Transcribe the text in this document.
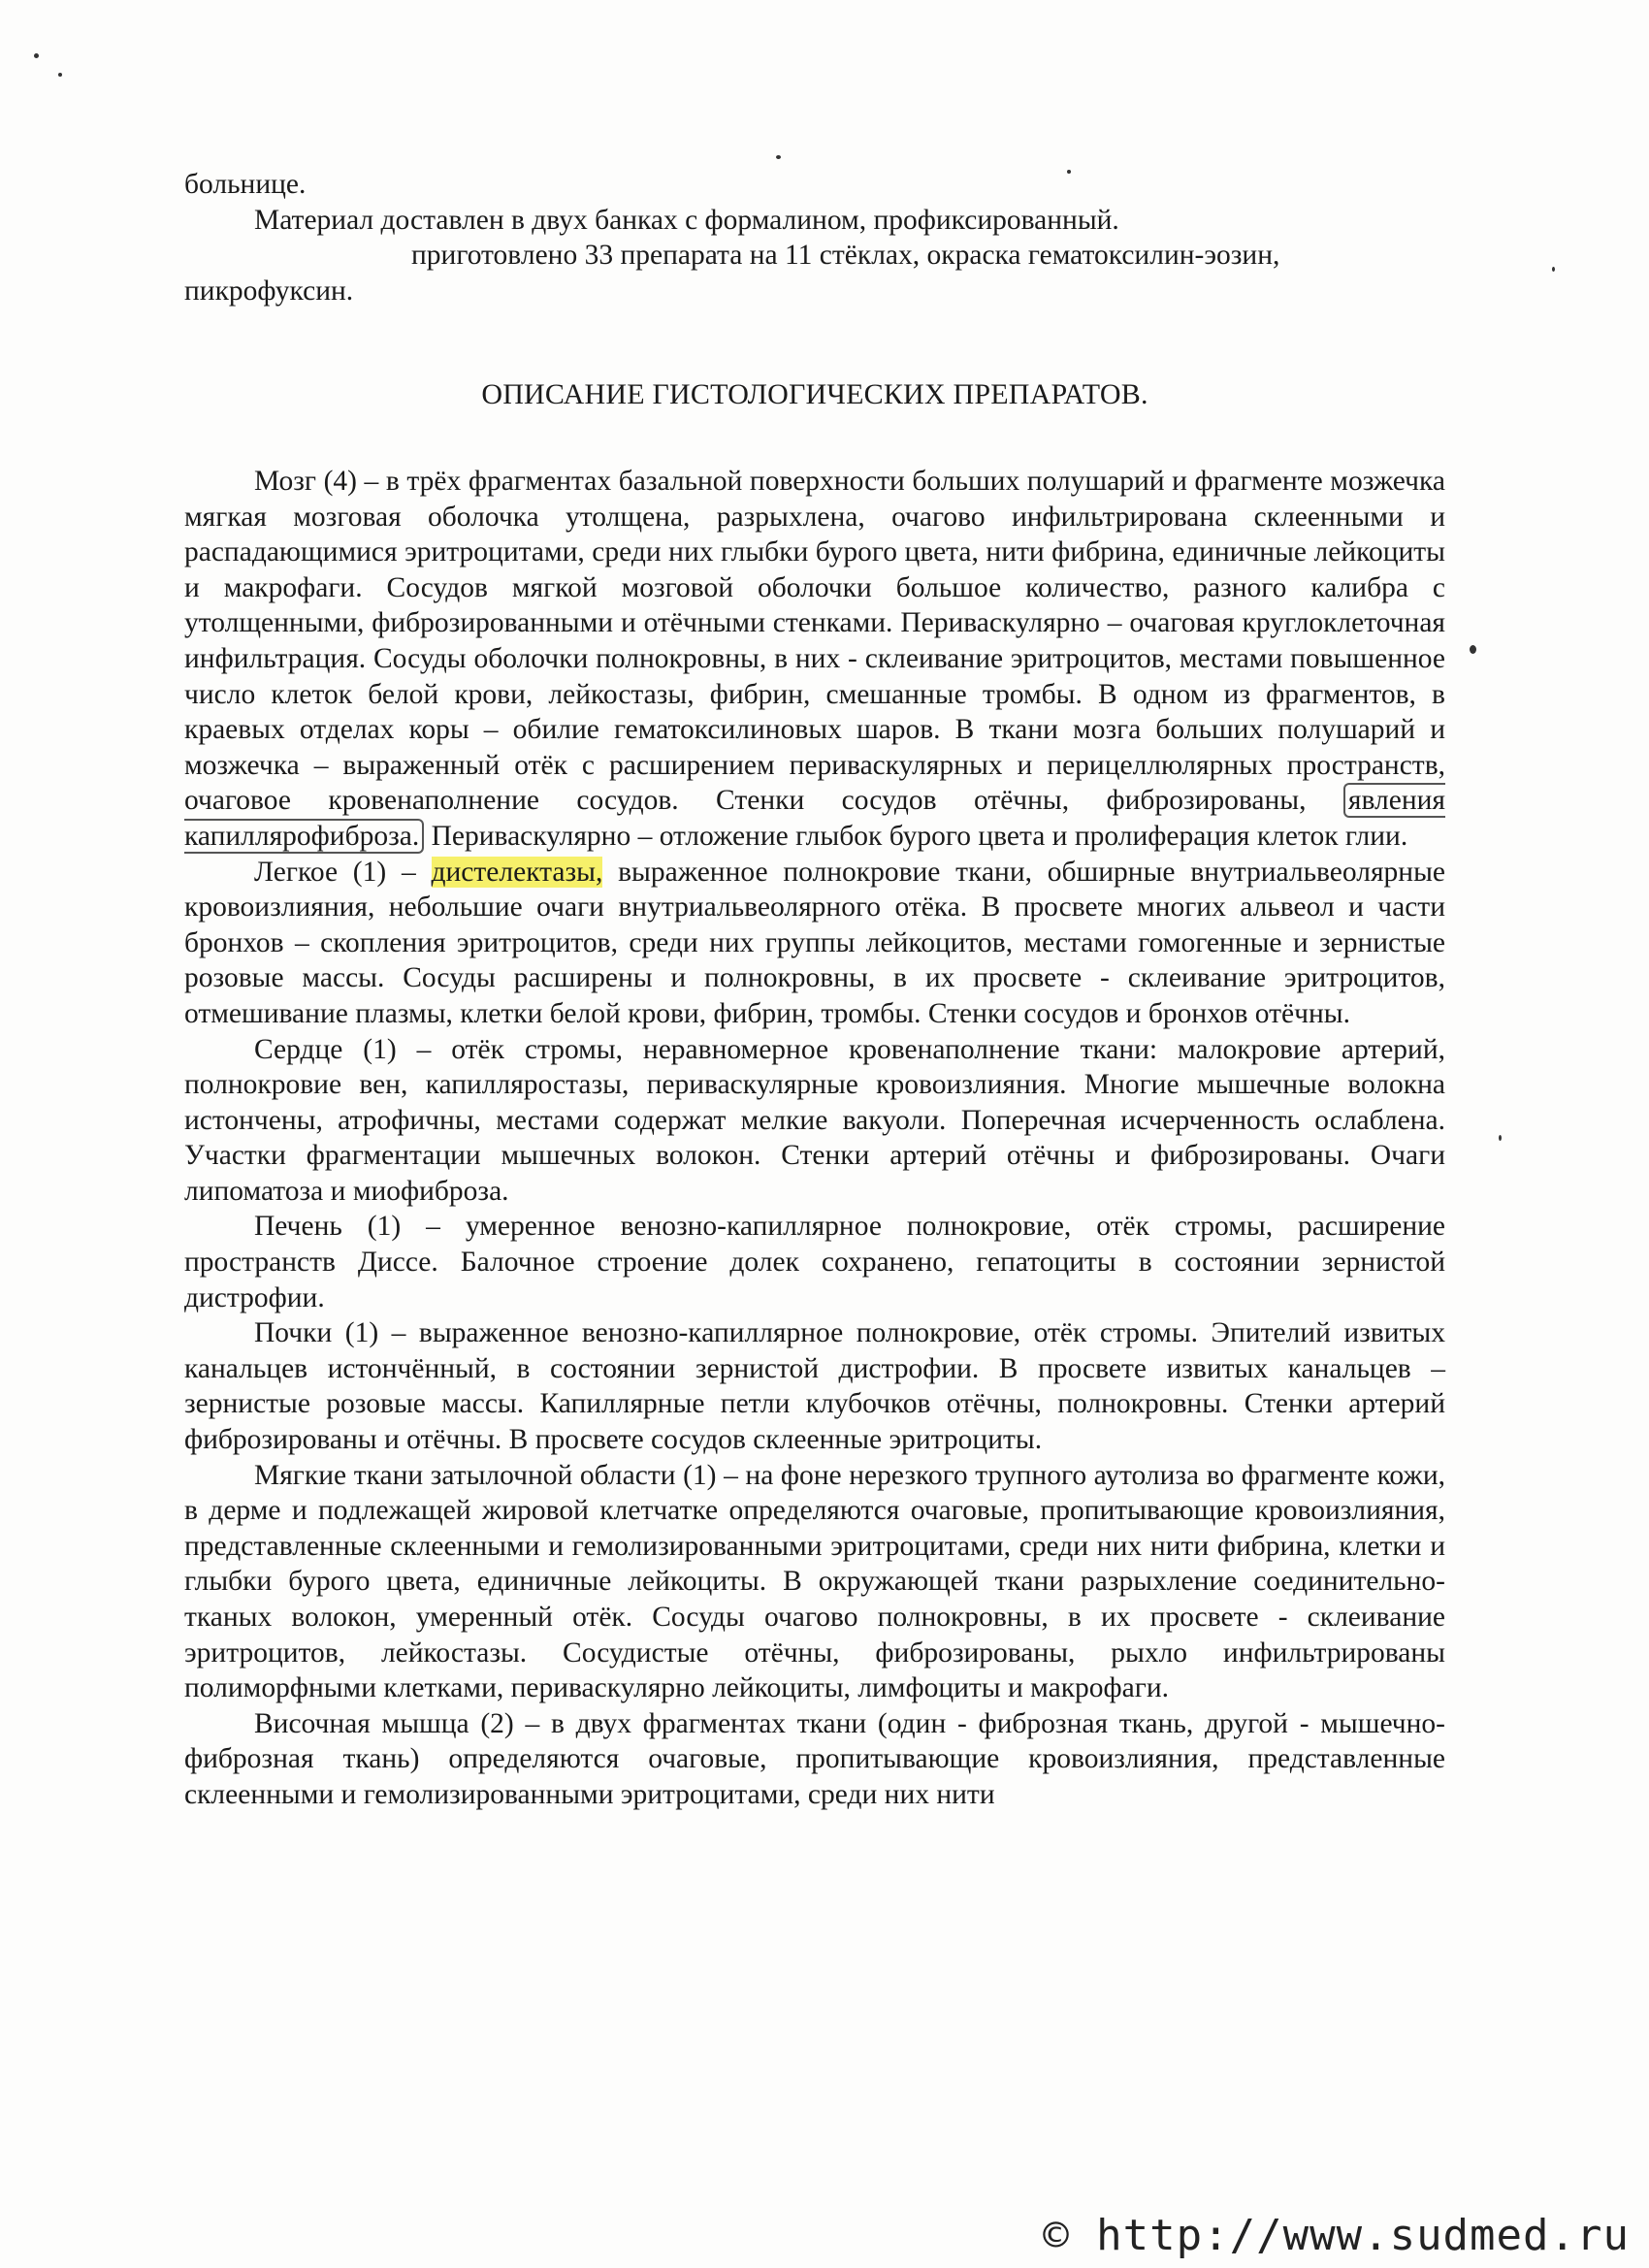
больнице.
Материал доставлен в двух банках с формалином, профиксированный.
приготовлено 33 препарата на 11 стёклах, окраска гематоксилин-эозин,
пикрофуксин.
ОПИСАНИЕ ГИСТОЛОГИЧЕСКИХ ПРЕПАРАТОВ.

Мозг (4) – в трёх фрагментах базальной поверхности больших полушарий и фрагменте мозжечка мягкая мозговая оболочка утолщена, разрыхлена, очагово инфильтрирована склеенными и распадающимися эритроцитами, среди них глыбки бурого цвета, нити фибрина, единичные лейкоциты и макрофаги. Сосудов мягкой мозговой оболочки большое количество, разного калибра с утолщенными, фиброзированными и отёчными стенками. Периваскулярно – очаговая круглоклеточная инфильтрация. Сосуды оболочки полнокровны, в них - склеивание эритроцитов, местами повышенное число клеток белой крови, лейкостазы, фибрин, смешанные тромбы. В одном из фрагментов, в краевых отделах коры – обилие гематоксилиновых шаров. В ткани мозга больших полушарий и мозжечка – выраженный отёк с расширением периваскулярных и перицеллюлярных пространств, очаговое кровенаполнение сосудов. Стенки сосудов отёчны, фиброзированы, явления капиллярофиброза. Периваскулярно – отложение глыбок бурого цвета и пролиферация клеток глии.

Легкое (1) – дистелектазы, выраженное полнокровие ткани, обширные внутриальвеолярные кровоизлияния, небольшие очаги внутриальвеолярного отёка. В просвете многих альвеол и части бронхов – скопления эритроцитов, среди них группы лейкоцитов, местами гомогенные и зернистые розовые массы. Сосуды расширены и полнокровны, в их просвете - склеивание эритроцитов, отмешивание плазмы, клетки белой крови, фибрин, тромбы. Стенки сосудов и бронхов отёчны.

Сердце (1) – отёк стромы, неравномерное кровенаполнение ткани: малокровие артерий, полнокровие вен, капилляростазы, периваскулярные кровоизлияния. Многие мышечные волокна истончены, атрофичны, местами содержат мелкие вакуоли. Поперечная исчерченность ослаблена. Участки фрагментации мышечных волокон. Стенки артерий отёчны и фиброзированы. Очаги липоматоза и миофиброза.

Печень (1) – умеренное венозно-капиллярное полнокровие, отёк стромы, расширение пространств Диссе. Балочное строение долек сохранено, гепатоциты в состоянии зернистой дистрофии.

Почки (1) – выраженное венозно-капиллярное полнокровие, отёк стромы. Эпителий извитых канальцев истончённый, в состоянии зернистой дистрофии. В просвете извитых канальцев – зернистые розовые массы. Капиллярные петли клубочков отёчны, полнокровны. Стенки артерий фиброзированы и отёчны. В просвете сосудов склеенные эритроциты.

Мягкие ткани затылочной области (1) – на фоне нерезкого трупного аутолиза во фрагменте кожи, в дерме и подлежащей жировой клетчатке определяются очаговые, пропитывающие кровоизлияния, представленные склеенными и гемолизированными эритроцитами, среди них нити фибрина, клетки и глыбки бурого цвета, единичные лейкоциты. В окружающей ткани разрыхление соединительно-тканых волокон, умеренный отёк. Сосуды очагово полнокровны, в их просвете - склеивание эритроцитов, лейкостазы. Сосудистые отёчны, фиброзированы, рыхло инфильтрированы полиморфными клетками, периваскулярно лейкоциты, лимфоциты и макрофаги.

Височная мышца (2) – в двух фрагментах ткани (один - фиброзная ткань, другой - мышечно-фиброзная ткань) определяются очаговые, пропитывающие кровоизлияния, представленные склеенными и гемолизированными эритроцитами, среди них нити

© http://www.sudmed.ru
